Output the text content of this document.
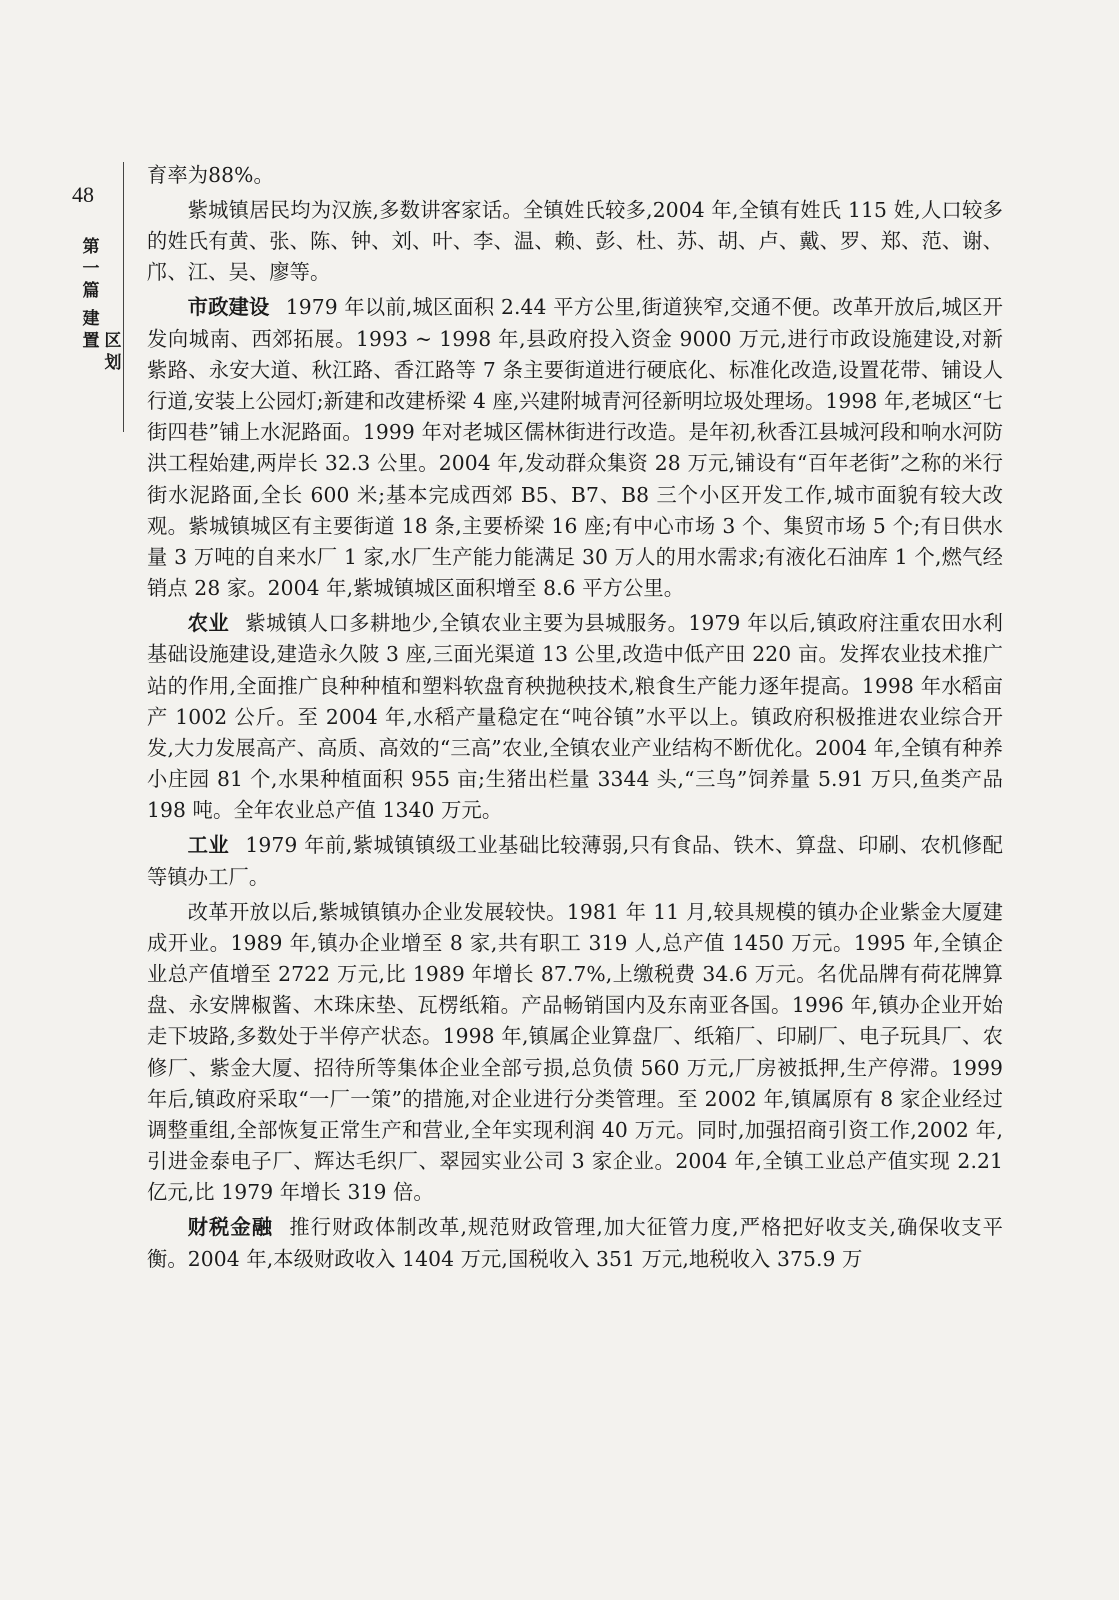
48
第
一
篇
建
置 区
划

育率为88%。

紫城镇居民均为汉族,多数讲客家话。全镇姓氏较多,2004 年,全镇有姓氏 115 姓,人口较多的姓氏有黄、张、陈、钟、刘、叶、李、温、赖、彭、杜、苏、胡、卢、戴、罗、郑、范、谢、邝、江、吴、廖等。

市政建设 1979 年以前,城区面积 2.44 平方公里,街道狭窄,交通不便。改革开放后,城区开发向城南、西郊拓展。1993 ~ 1998 年,县政府投入资金 9000 万元,进行市政设施建设,对新紫路、永安大道、秋江路、香江路等 7 条主要街道进行硬底化、标准化改造,设置花带、铺设人行道,安装上公园灯;新建和改建桥梁 4 座,兴建附城青河径新明垃圾处理场。1998 年,老城区“七街四巷”铺上水泥路面。1999 年对老城区儒林街进行改造。是年初,秋香江县城河段和响水河防洪工程始建,两岸长 32.3 公里。2004 年,发动群众集资 28 万元,铺设有“百年老街”之称的米行街水泥路面,全长 600 米;基本完成西郊 B5、B7、B8 三个小区开发工作,城市面貌有较大改观。紫城镇城区有主要街道 18 条,主要桥梁 16 座;有中心市场 3 个、集贸市场 5 个;有日供水量 3 万吨的自来水厂 1 家,水厂生产能力能满足 30 万人的用水需求;有液化石油库 1 个,燃气经销点 28 家。2004 年,紫城镇城区面积增至 8.6 平方公里。

农业 紫城镇人口多耕地少,全镇农业主要为县城服务。1979 年以后,镇政府注重农田水利基础设施建设,建造永久陂 3 座,三面光渠道 13 公里,改造中低产田 220 亩。发挥农业技术推广站的作用,全面推广良种种植和塑料软盘育秧抛秧技术,粮食生产能力逐年提高。1998 年水稻亩产 1002 公斤。至 2004 年,水稻产量稳定在“吨谷镇”水平以上。镇政府积极推进农业综合开发,大力发展高产、高质、高效的“三高”农业,全镇农业产业结构不断优化。2004 年,全镇有种养小庄园 81 个,水果种植面积 955 亩;生猪出栏量 3344 头,“三鸟”饲养量 5.91 万只,鱼类产品 198 吨。全年农业总产值 1340 万元。

工业 1979 年前,紫城镇镇级工业基础比较薄弱,只有食品、铁木、算盘、印刷、农机修配等镇办工厂。

改革开放以后,紫城镇镇办企业发展较快。1981 年 11 月,较具规模的镇办企业紫金大厦建成开业。1989 年,镇办企业增至 8 家,共有职工 319 人,总产值 1450 万元。1995 年,全镇企业总产值增至 2722 万元,比 1989 年增长 87.7%,上缴税费 34.6 万元。名优品牌有荷花牌算盘、永安牌椒酱、木珠床垫、瓦楞纸箱。产品畅销国内及东南亚各国。1996 年,镇办企业开始走下坡路,多数处于半停产状态。1998 年,镇属企业算盘厂、纸箱厂、印刷厂、电子玩具厂、农修厂、紫金大厦、招待所等集体企业全部亏损,总负债 560 万元,厂房被抵押,生产停滞。1999 年后,镇政府采取“一厂一策”的措施,对企业进行分类管理。至 2002 年,镇属原有 8 家企业经过调整重组,全部恢复正常生产和营业,全年实现利润 40 万元。同时,加强招商引资工作,2002 年,引进金泰电子厂、辉达毛织厂、翠园实业公司 3 家企业。2004 年,全镇工业总产值实现 2.21 亿元,比 1979 年增长 319 倍。

财税金融 推行财政体制改革,规范财政管理,加大征管力度,严格把好收支关,确保收支平衡。2004 年,本级财政收入 1404 万元,国税收入 351 万元,地税收入 375.9 万
